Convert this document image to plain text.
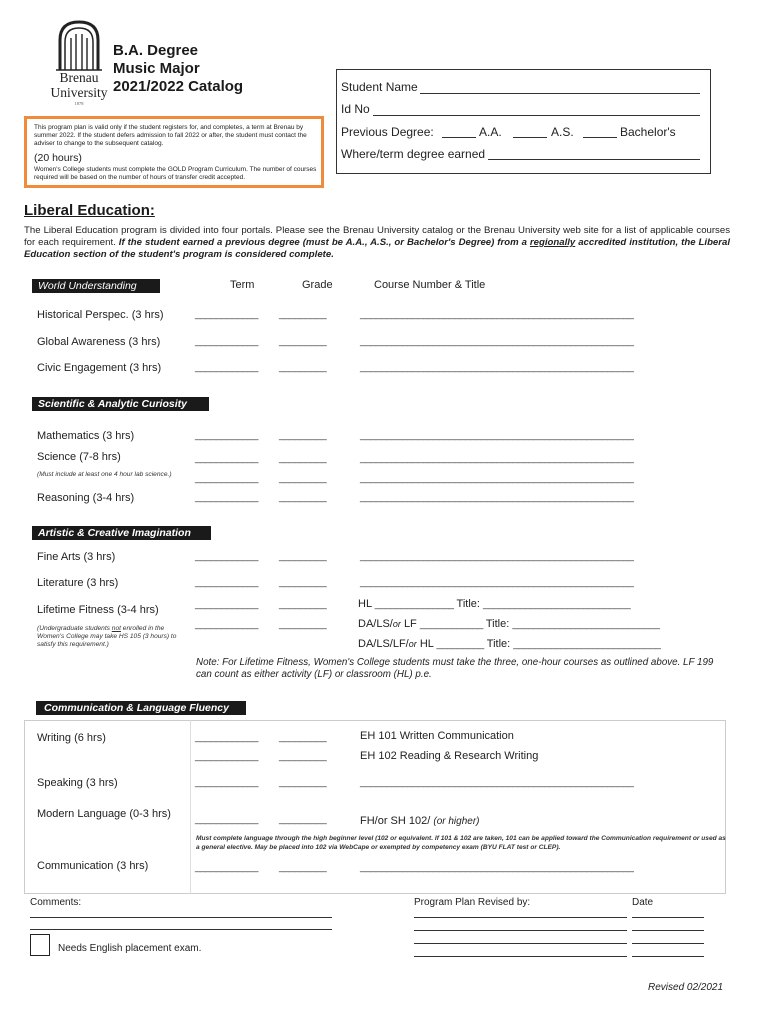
Brenau
University
1878
B.A. Degree
Music Major
2021/2022 Catalog	Student Name
Id No
Previous Degree:	A.A.	A.S.	Bachelor's
Where/term degree earned
This program plan is valid only if the student registers for, and completes, a term at Brenau by summer 2022. If the student defers admission to fall 2022 or after, the student must contact the adviser to change to the subsequent catalog.
(20 hours)
Women's College students must complete the GOLD Program Curriculum. The number of courses required will be based on the number of hours of transfer credit accepted.
Liberal Education:
The Liberal Education program is divided into four portals. Please see the Brenau University catalog or the Brenau University web site for a list of applicable courses for each requirement. If the student earned a previous degree (must be A.A., A.S., or Bachelor's Degree) from a regionally accredited institution, the Liberal Education section of the student's program is considered complete.
World Understanding	Term	Grade	Course Number & Title
Historical Perspec. (3 hrs)	____________ _________	____________________________________________________
Global Awareness (3 hrs)	____________ _________	____________________________________________________
Civic Engagement (3 hrs)	____________ _________	____________________________________________________
Scientific & Analytic Curiosity
Mathematics (3 hrs)	____________ _________	____________________________________________________
Science (7-8 hrs)	____________ _________	____________________________________________________
(Must include at least one 4 hour lab science.)	____________ _________	____________________________________________________
Reasoning (3-4 hrs)	____________ _________	____________________________________________________
Artistic & Creative Imagination
Fine Arts (3 hrs)	____________ _________	____________________________________________________
Literature (3 hrs)	____________ _________	____________________________________________________
Lifetime Fitness (3-4 hrs)
(Undergraduate students not enrolled in the Women's College may take HS 105 (3 hours) to satisfy this requirement.)
____________ _________	HL _______________ Title: ____________________________
____________ _________	DA/LS/or LF ____________ Title: ____________________________
DA/LS/LF/or HL _________ Title: ____________________________
Note: For Lifetime Fitness, Women's College students must take the three, one-hour courses as outlined above. LF 199 can count as either activity (LF) or classroom (HL) p.e.
Communication & Language Fluency
Writing (6 hrs)	____________ _________	EH 101 Written Communication
____________ _________	EH 102 Reading & Research Writing
Speaking (3 hrs)	____________ _________	____________________________________________________
Modern Language (0-3 hrs) ____________ _________	FH/or SH 102/ (or higher)
Must complete language through the high beginner level (102 or equivalent. If 101 & 102 are taken, 101 can be applied toward the Communication requirement or used as a general elective. May be placed into 102 via WebCape or exempted by competency exam (BYU FLAT test or CLEP).
Communication (3 hrs)	____________ _________	____________________________________________________
Comments:	Program Plan Revised by:	Date
Needs English placement exam.
Revised 02/2021
